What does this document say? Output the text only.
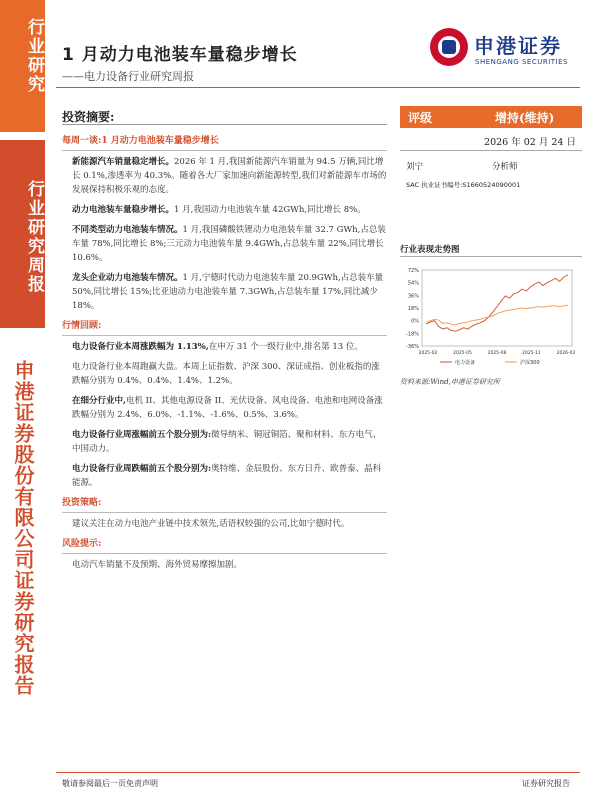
行业研究
行业研究周报
申港证券股份有限公司证券研究报告
1 月动力电池装车量稳步增长
——电力设备行业研究周报
申港证券
SHENGANG SECURITIES
投资摘要:
每周一谈:1 月动力电池装车量稳步增长
新能源汽车销量稳定增长。2026 年 1 月,我国新能源汽车销量为 94.5 万辆,同比增长 0.1%,渗透率为 40.3%。随着各大厂家加速向新能源转型,我们对新能源车市场的发展保持积极乐观的态度。
动力电池装车量稳步增长。1 月,我国动力电池装车量 42GWh,同比增长 8%。
不同类型动力电池装车情况。1 月,我国磷酸铁锂动力电池装车量 32.7 GWh,占总装车量 78%,同比增长 8%;三元动力电池装车量 9.4GWh,占总装车量 22%,同比增长 10.6%。
龙头企业动力电池装车情况。1 月,宁德时代动力电池装车量 20.9GWh,占总装车量 50%,同比增长 15%;比亚迪动力电池装车量 7.3GWh,占总装车量 17%,同比减少 18%。
行情回顾:
电力设备行业本周涨跌幅为 1.13%,在申万 31 个一级行业中,排名第 13 位。
电力设备行业本周跑赢大盘。本周上证指数、沪深 300、深证成指、创业板指的涨跌幅分别为 0.4%、0.4%、1.4%、1.2%。
在细分行业中,电机 II、其他电源设备 II、光伏设备、风电设备、电池和电网设备涨跌幅分别为 2.4%、6.0%、-1.1%、-1.6%、0.5%、3.6%。
电力设备行业周涨幅前五个股分别为:微导纳米、铜冠铜箔、聚和材料、东方电气、中国动力。
电力设备行业周跌幅前五个股分别为:奥特维、金辰股份、东方日升、欧普泰、晶科能源。
投资策略:
建议关注在动力电池产业链中技术领先,话语权较强的公司,比如宁德时代。
风险提示:
电动汽车销量不及预期、海外贸易摩擦加剧。
评级	增持(维持)
2026 年 02 月 24 日
刘宁	分析师
SAC 执业证书编号:S1660524090001
行业表现走势图
72%
54%
36%
18%
0%
-18%
-36%
2025-02	2025-05	2025-08	2025-11	2026-02
电力设备	沪深300
资料来源:Wind,申港证券研究所
敬请参阅最后一页免责声明	证券研究报告
